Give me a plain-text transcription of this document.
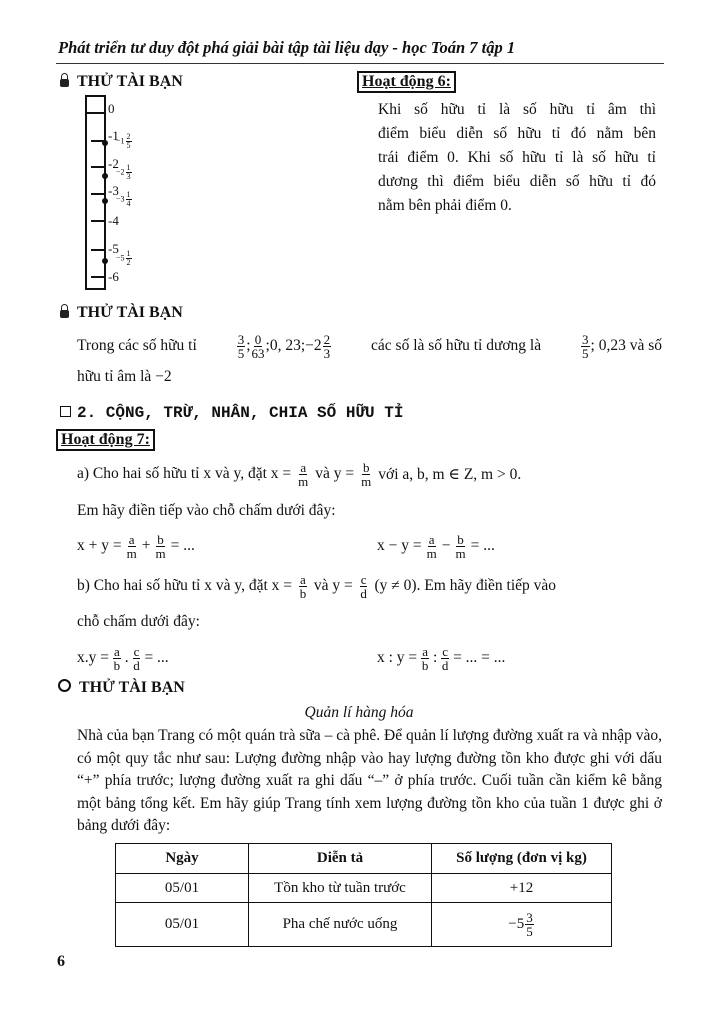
Phát triển tư duy đột phá giải bài tập tài liệu dạy - học Toán 7 tập 1
THỬ TÀI BẠN
0
-1
-2
-3
-4
-5
-6
$-1 \frac{2}{5}$
$-2 \frac{1}{3}$
$-3 \frac{1}{4}$
$-5 \frac{1}{2}$
Hoạt động 6:
Khi số hữu tỉ là số hữu tỉ âm thì
điểm biểu diễn số hữu tỉ đó nằm bên
trái điểm 0. Khi số hữu tỉ là số hữu tỉ
dương thì điểm biểu diễn số hữu tỉ đó
nằm bên phải điểm 0.
THỬ TÀI BẠN
Trong các số hữu tỉ	$\frac{3}{5}$ ; $\frac{0}{63}$ ;0, 23;−2 $\frac{2}{3}$	các số là số hữu tỉ dương là	$\frac{3}{5}$ ; 0,23 và số
hữu tỉ âm là −2
2. CỘNG, TRỪ, NHÂN, CHIA SỐ HỮU TỈ
Hoạt động 7:
a) Cho hai số hữu tỉ x và y, đặt $x = \frac{a}{m}$ và $y = \frac{b}{m}$ với a, b, m ∈ Z, m > 0.
Em hãy điền tiếp vào chỗ chấm dưới đây:
$x + y = \frac{a}{m} + \frac{b}{m}$ = ...	$x - y = \frac{a}{m} - \frac{b}{m}$ = ...
b) Cho hai số hữu tỉ x và y, đặt $x = \frac{a}{b}$ và $y = \frac{c}{d} (y \ne 0)$. Em hãy điền tiếp vào
chỗ chấm dưới đây:
$x.y = \frac{a}{b}$ . $\frac{c}{d}$ = ...	x : $y = \frac{a}{b}$ : $\frac{c}{d}$ = ... = ...
THỬ TÀI BẠN
Quản lí hàng hóa
Nhà của bạn Trang có một quán trà sữa – cà phê. Để quản lí lượng đường xuất ra và nhập vào, có một quy tắc như sau: Lượng đường nhập vào hay lượng đường tồn kho được ghi với dấu “+” phía trước; lượng đường xuất ra ghi dấu “–” ở phía trước. Cuối tuần cần kiểm kê bằng một bảng tổng kết. Em hãy giúp Trang tính xem lượng đường tồn kho của tuần 1 được ghi ở bảng dưới đây:
Ngày	Diễn tả	Số lượng (đơn vị kg)
05/01	Tồn kho từ tuần trước	+12
05/01	Pha chế nước uống	$-5 \frac{3}{5}$
6
